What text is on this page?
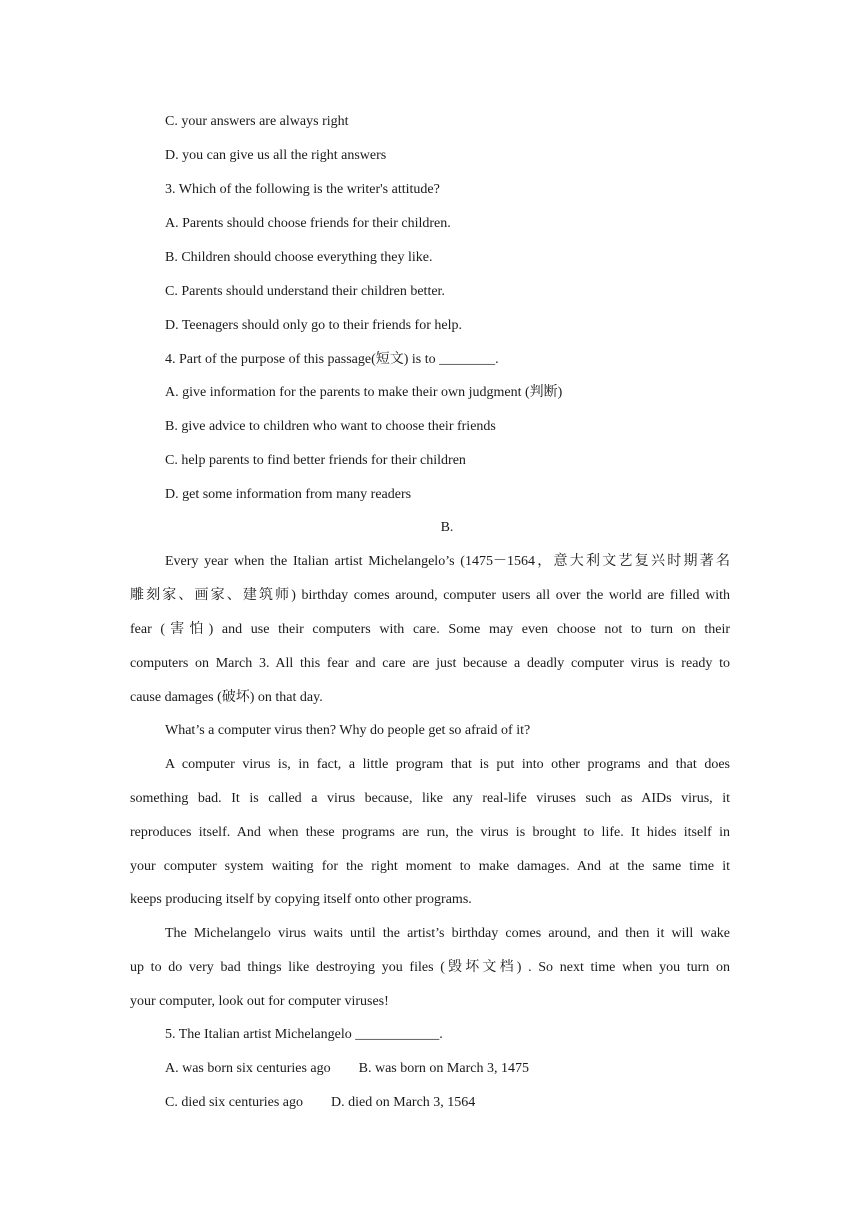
C. your answers are always right
D. you can give us all the right answers
3. Which of the following is the writer's attitude?
A. Parents should choose friends for their children.
B. Children should choose everything they like.
C. Parents should understand their children better.
D. Teenagers should only go to their friends for help.
4. Part of the purpose of this passage(短文) is to ________.
A. give information for the parents to make their own judgment (判断)
B. give advice to children who want to choose their friends
C. help parents to find better friends for their children
D. get some information from many readers
B.
Every year when the Italian artist Michelangelo’s (1475－1564，意大利文艺复兴时期著名
雕刻家、画家、建筑师) birthday comes around, computer users all over the world are filled with
fear (害怕) and use their computers with care. Some may even choose not to turn on their
computers on March 3. All this fear and care are just because a deadly computer virus is ready to
cause damages (破坏) on that day.
What’s a computer virus then? Why do people get so afraid of it?
A computer virus is, in fact, a little program that is put into other programs and that does
something bad. It is called a virus because, like any real-life viruses such as AIDs virus, it
reproduces itself. And when these programs are run, the virus is brought to life. It hides itself in
your computer system waiting for the right moment to make damages. And at the same time it
keeps producing itself by copying itself onto other programs.
The Michelangelo virus waits until the artist’s birthday comes around, and then it will wake
up to do very bad things like destroying you files (毁坏文档) . So next time when you turn on
your computer, look out for computer viruses!
5. The Italian artist Michelangelo ____________.
A. was born six centuries ago B. was born on March 3, 1475
C. died six centuries ago D. died on March 3, 1564
